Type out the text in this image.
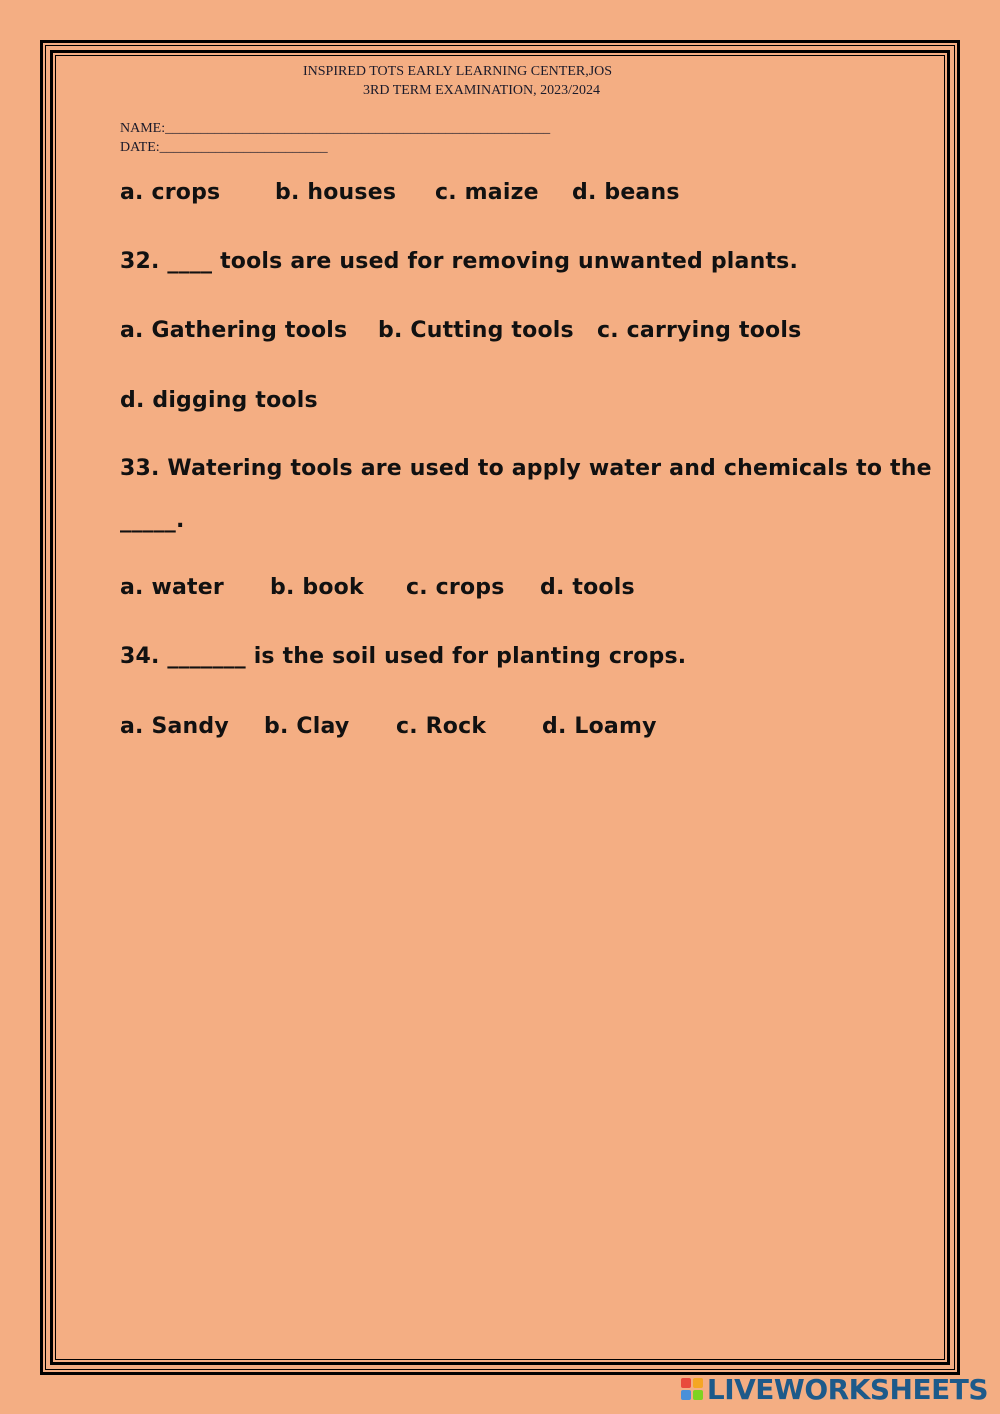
INSPIRED TOTS EARLY LEARNING CENTER,JOS
3RD TERM EXAMINATION, 2023/2024
NAME:_______________________________________________________
DATE:________________________
a. crops b. houses c. maize d. beans
32. ____ tools are used for removing unwanted plants.
a. Gathering tools b. Cutting tools c. carrying tools
d. digging tools
33. Watering tools are used to apply water and chemicals to the
_____.
a. water b. book c. crops d. tools
34. _______ is the soil used for planting crops.
a. Sandy b. Clay c. Rock	d. Loamy
LIVEWORKSHEETS
